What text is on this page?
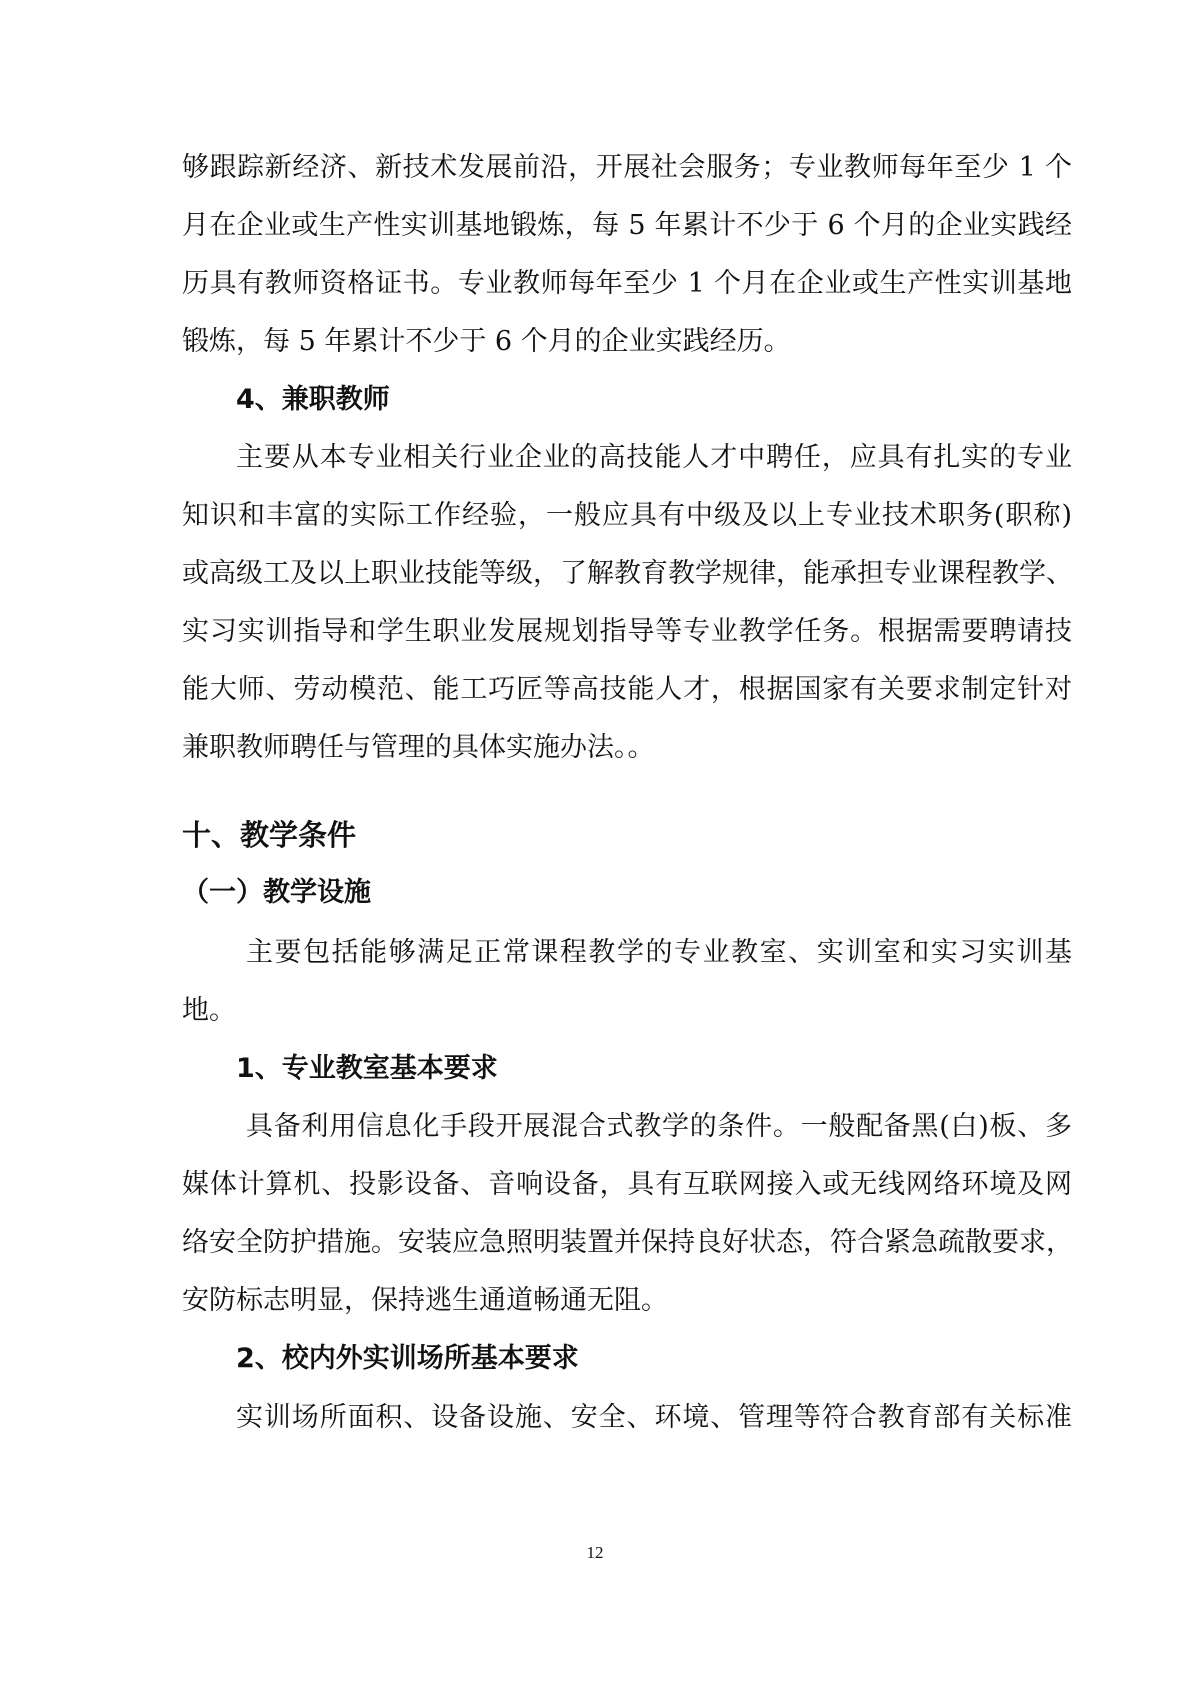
够跟踪新经济、新技术发展前沿，开展社会服务；专业教师每年至少 1 个
月在企业或生产性实训基地锻炼，每 5 年累计不少于 6 个月的企业实践经
历具有教师资格证书。专业教师每年至少 1 个月在企业或生产性实训基地
锻炼，每 5 年累计不少于 6 个月的企业实践经历。
4、兼职教师
主要从本专业相关行业企业的高技能人才中聘任，应具有扎实的专业
知识和丰富的实际工作经验，一般应具有中级及以上专业技术职务(职称)
或高级工及以上职业技能等级，了解教育教学规律，能承担专业课程教学、
实习实训指导和学生职业发展规划指导等专业教学任务。根据需要聘请技
能大师、劳动模范、能工巧匠等高技能人才，根据国家有关要求制定针对
兼职教师聘任与管理的具体实施办法。。
十、教学条件
（一）教学设施
主要包括能够满足正常课程教学的专业教室、实训室和实习实训基
地。
1、专业教室基本要求
具备利用信息化手段开展混合式教学的条件。一般配备黑(白)板、多
媒体计算机、投影设备、音响设备，具有互联网接入或无线网络环境及网
络安全防护措施。安装应急照明装置并保持良好状态，符合紧急疏散要求，
安防标志明显，保持逃生通道畅通无阻。
2、校内外实训场所基本要求
实训场所面积、设备设施、安全、环境、管理等符合教育部有关标准
12
